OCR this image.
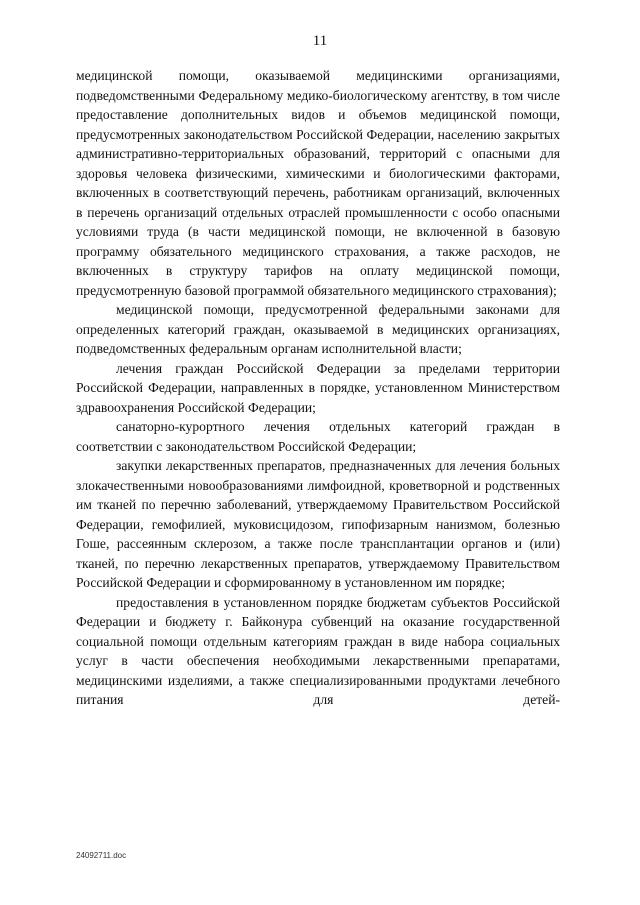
11

медицинской помощи, оказываемой медицинскими организациями, подведомственными Федеральному медико-биологическому агентству, в том числе предоставление дополнительных видов и объемов медицинской помощи, предусмотренных законодательством Российской Федерации, населению закрытых административно-территориальных образований, территорий с опасными для здоровья человека физическими, химическими и биологическими факторами, включенных в соответствующий перечень, работникам организаций, включенных в перечень организаций отдельных отраслей промышленности с особо опасными условиями труда (в части медицинской помощи, не включенной в базовую программу обязательного медицинского страхования, а также расходов, не включенных в структуру тарифов на оплату медицинской помощи, предусмотренную базовой программой обязательного медицинского страхования);

медицинской помощи, предусмотренной федеральными законами для определенных категорий граждан, оказываемой в медицинских организациях, подведомственных федеральным органам исполнительной власти;

лечения граждан Российской Федерации за пределами территории Российской Федерации, направленных в порядке, установленном Министерством здравоохранения Российской Федерации;

санаторно-курортного лечения отдельных категорий граждан в соответствии с законодательством Российской Федерации;

закупки лекарственных препаратов, предназначенных для лечения больных злокачественными новообразованиями лимфоидной, кроветворной и родственных им тканей по перечню заболеваний, утверждаемому Правительством Российской Федерации, гемофилией, муковисцидозом, гипофизарным нанизмом, болезнью Гоше, рассеянным склерозом, а также после трансплантации органов и (или) тканей, по перечню лекарственных препаратов, утверждаемому Правительством Российской Федерации и сформированному в установленном им порядке;

предоставления в установленном порядке бюджетам субъектов Российской Федерации и бюджету г. Байконура субвенций на оказание государственной социальной помощи отдельным категориям граждан в виде набора социальных услуг в части обеспечения необходимыми лекарственными препаратами, медицинскими изделиями, а также специализированными продуктами лечебного питания для детей-

24092711.doc
